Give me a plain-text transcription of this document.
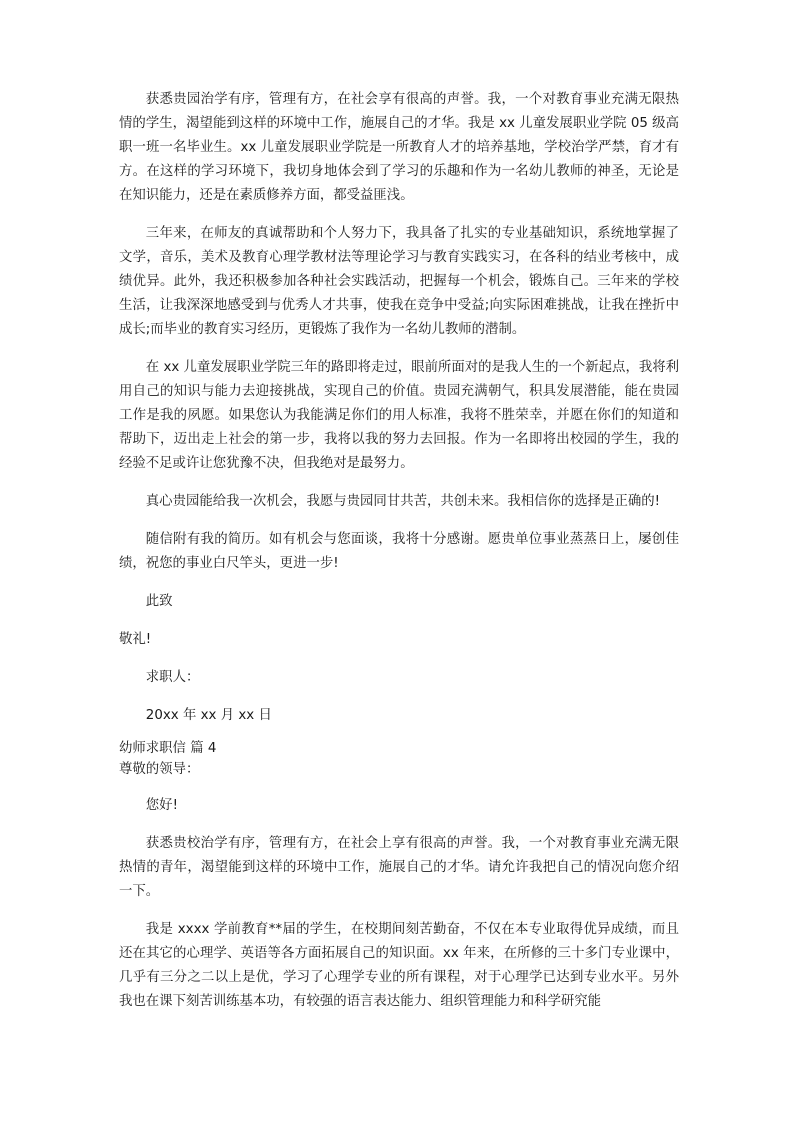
获悉贵园治学有序，管理有方，在社会享有很高的声誉。我，一个对教育事业充满无限热情的学生，渴望能到这样的环境中工作，施展自己的才华。我是 xx 儿童发展职业学院 05 级高职一班一名毕业生。xx 儿童发展职业学院是一所教育人才的培养基地，学校治学严禁，育才有方。在这样的学习环境下，我切身地体会到了学习的乐趣和作为一名幼儿教师的神圣，无论是在知识能力，还是在素质修养方面，都受益匪浅。

三年来，在师友的真诚帮助和个人努力下，我具备了扎实的专业基础知识，系统地掌握了文学，音乐，美术及教育心理学教材法等理论学习与教育实践实习，在各科的结业考核中，成绩优异。此外，我还积极参加各种社会实践活动，把握每一个机会，锻炼自己。三年来的学校生活，让我深深地感受到与优秀人才共事，使我在竞争中受益;向实际困难挑战，让我在挫折中成长;而毕业的教育实习经历，更锻炼了我作为一名幼儿教师的潜制。

在 xx 儿童发展职业学院三年的路即将走过，眼前所面对的是我人生的一个新起点，我将利用自己的知识与能力去迎接挑战，实现自己的价值。贵园充满朝气，积具发展潜能，能在贵园工作是我的夙愿。如果您认为我能满足你们的用人标准，我将不胜荣幸，并愿在你们的知道和帮助下，迈出走上社会的第一步，我将以我的努力去回报。作为一名即将出校园的学生，我的经验不足或许让您犹豫不决，但我绝对是最努力。

真心贵园能给我一次机会，我愿与贵园同甘共苦，共创未来。我相信你的选择是正确的!

随信附有我的简历。如有机会与您面谈，我将十分感谢。愿贵单位事业蒸蒸日上，屡创佳绩，祝您的事业白尺竿头，更进一步!

此致

敬礼!

求职人：

20xx 年 xx 月 xx 日

幼师求职信 篇 4

尊敬的领导：

您好!

获悉贵校治学有序，管理有方，在社会上享有很高的声誉。我，一个对教育事业充满无限热情的青年，渴望能到这样的环境中工作，施展自己的才华。请允许我把自己的情况向您介绍一下。

我是 xxxx 学前教育**届的学生，在校期间刻苦勤奋，不仅在本专业取得优异成绩，而且还在其它的心理学、英语等各方面拓展自己的知识面。xx 年来，在所修的三十多门专业课中，几乎有三分之二以上是优，学习了心理学专业的所有课程，对于心理学已达到专业水平。另外我也在课下刻苦训练基本功，有较强的语言表达能力、组织管理能力和科学研究能
